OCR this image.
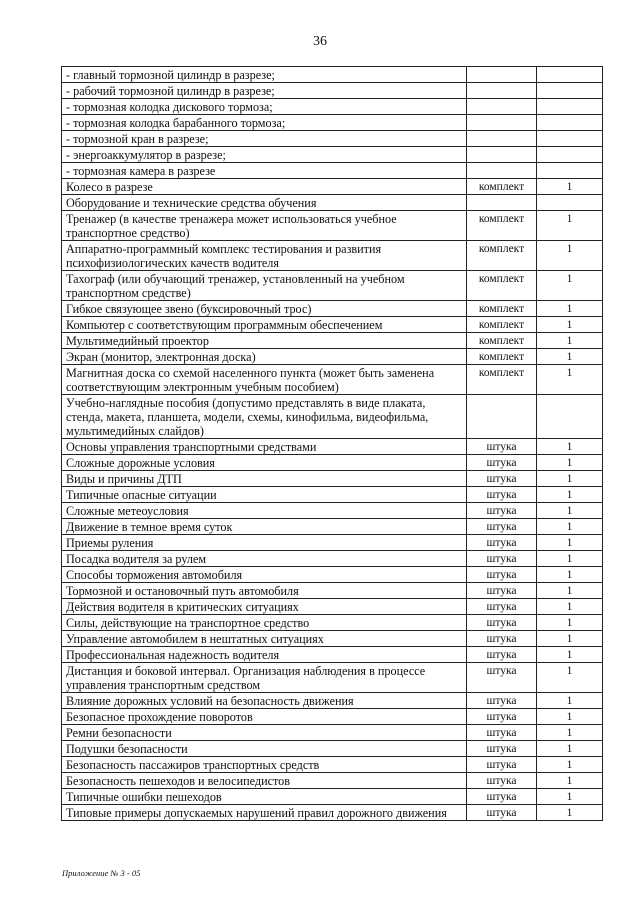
36
- главный тормозной цилиндр в разрезе;		
- рабочий тормозной цилиндр в разрезе;		
- тормозная колодка дискового тормоза;		
- тормозная колодка барабанного тормоза;		
- тормозной кран в разрезе;		
- энергоаккумулятор в разрезе;		
- тормозная камера в разрезе		
Колесо в разрезе	комплект	1
Оборудование и технические средства обучения		
Тренажер (в качестве тренажера может использоваться учебное транспортное средство)	комплект	1
Аппаратно-программный комплекс тестирования и развития психофизиологических качеств водителя	комплект	1
Тахограф (или обучающий тренажер, установленный на учебном транспортном средстве)	комплект	1
Гибкое связующее звено (буксировочный трос)	комплект	1
Компьютер с соответствующим программным обеспечением	комплект	1
Мультимедийный проектор	комплект	1
Экран (монитор, электронная доска)	комплект	1
Магнитная доска со схемой населенного пункта (может быть заменена соответствующим электронным учебным пособием)	комплект	1
Учебно-наглядные пособия (допустимо представлять в виде плаката, стенда, макета, планшета, модели, схемы, кинофильма, видеофильма, мультимедийных слайдов)		
Основы управления транспортными средствами	штука	1
Сложные дорожные условия	штука	1
Виды и причины ДТП	штука	1
Типичные опасные ситуации	штука	1
Сложные метеоусловия	штука	1
Движение в темное время суток	штука	1
Приемы руления	штука	1
Посадка водителя за рулем	штука	1
Способы торможения автомобиля	штука	1
Тормозной и остановочный путь автомобиля	штука	1
Действия водителя в критических ситуациях	штука	1
Силы, действующие на транспортное средство	штука	1
Управление автомобилем в нештатных ситуациях	штука	1
Профессиональная надежность водителя	штука	1
Дистанция и боковой интервал. Организация наблюдения в процессе управления транспортным средством	штука	1
Влияние дорожных условий на безопасность движения	штука	1
Безопасное прохождение поворотов	штука	1
Ремни безопасности	штука	1
Подушки безопасности	штука	1
Безопасность пассажиров транспортных средств	штука	1
Безопасность пешеходов и велосипедистов	штука	1
Типичные ошибки пешеходов	штука	1
Типовые примеры допускаемых нарушений правил дорожного движения	штука	1
Приложение № 3 - 05
